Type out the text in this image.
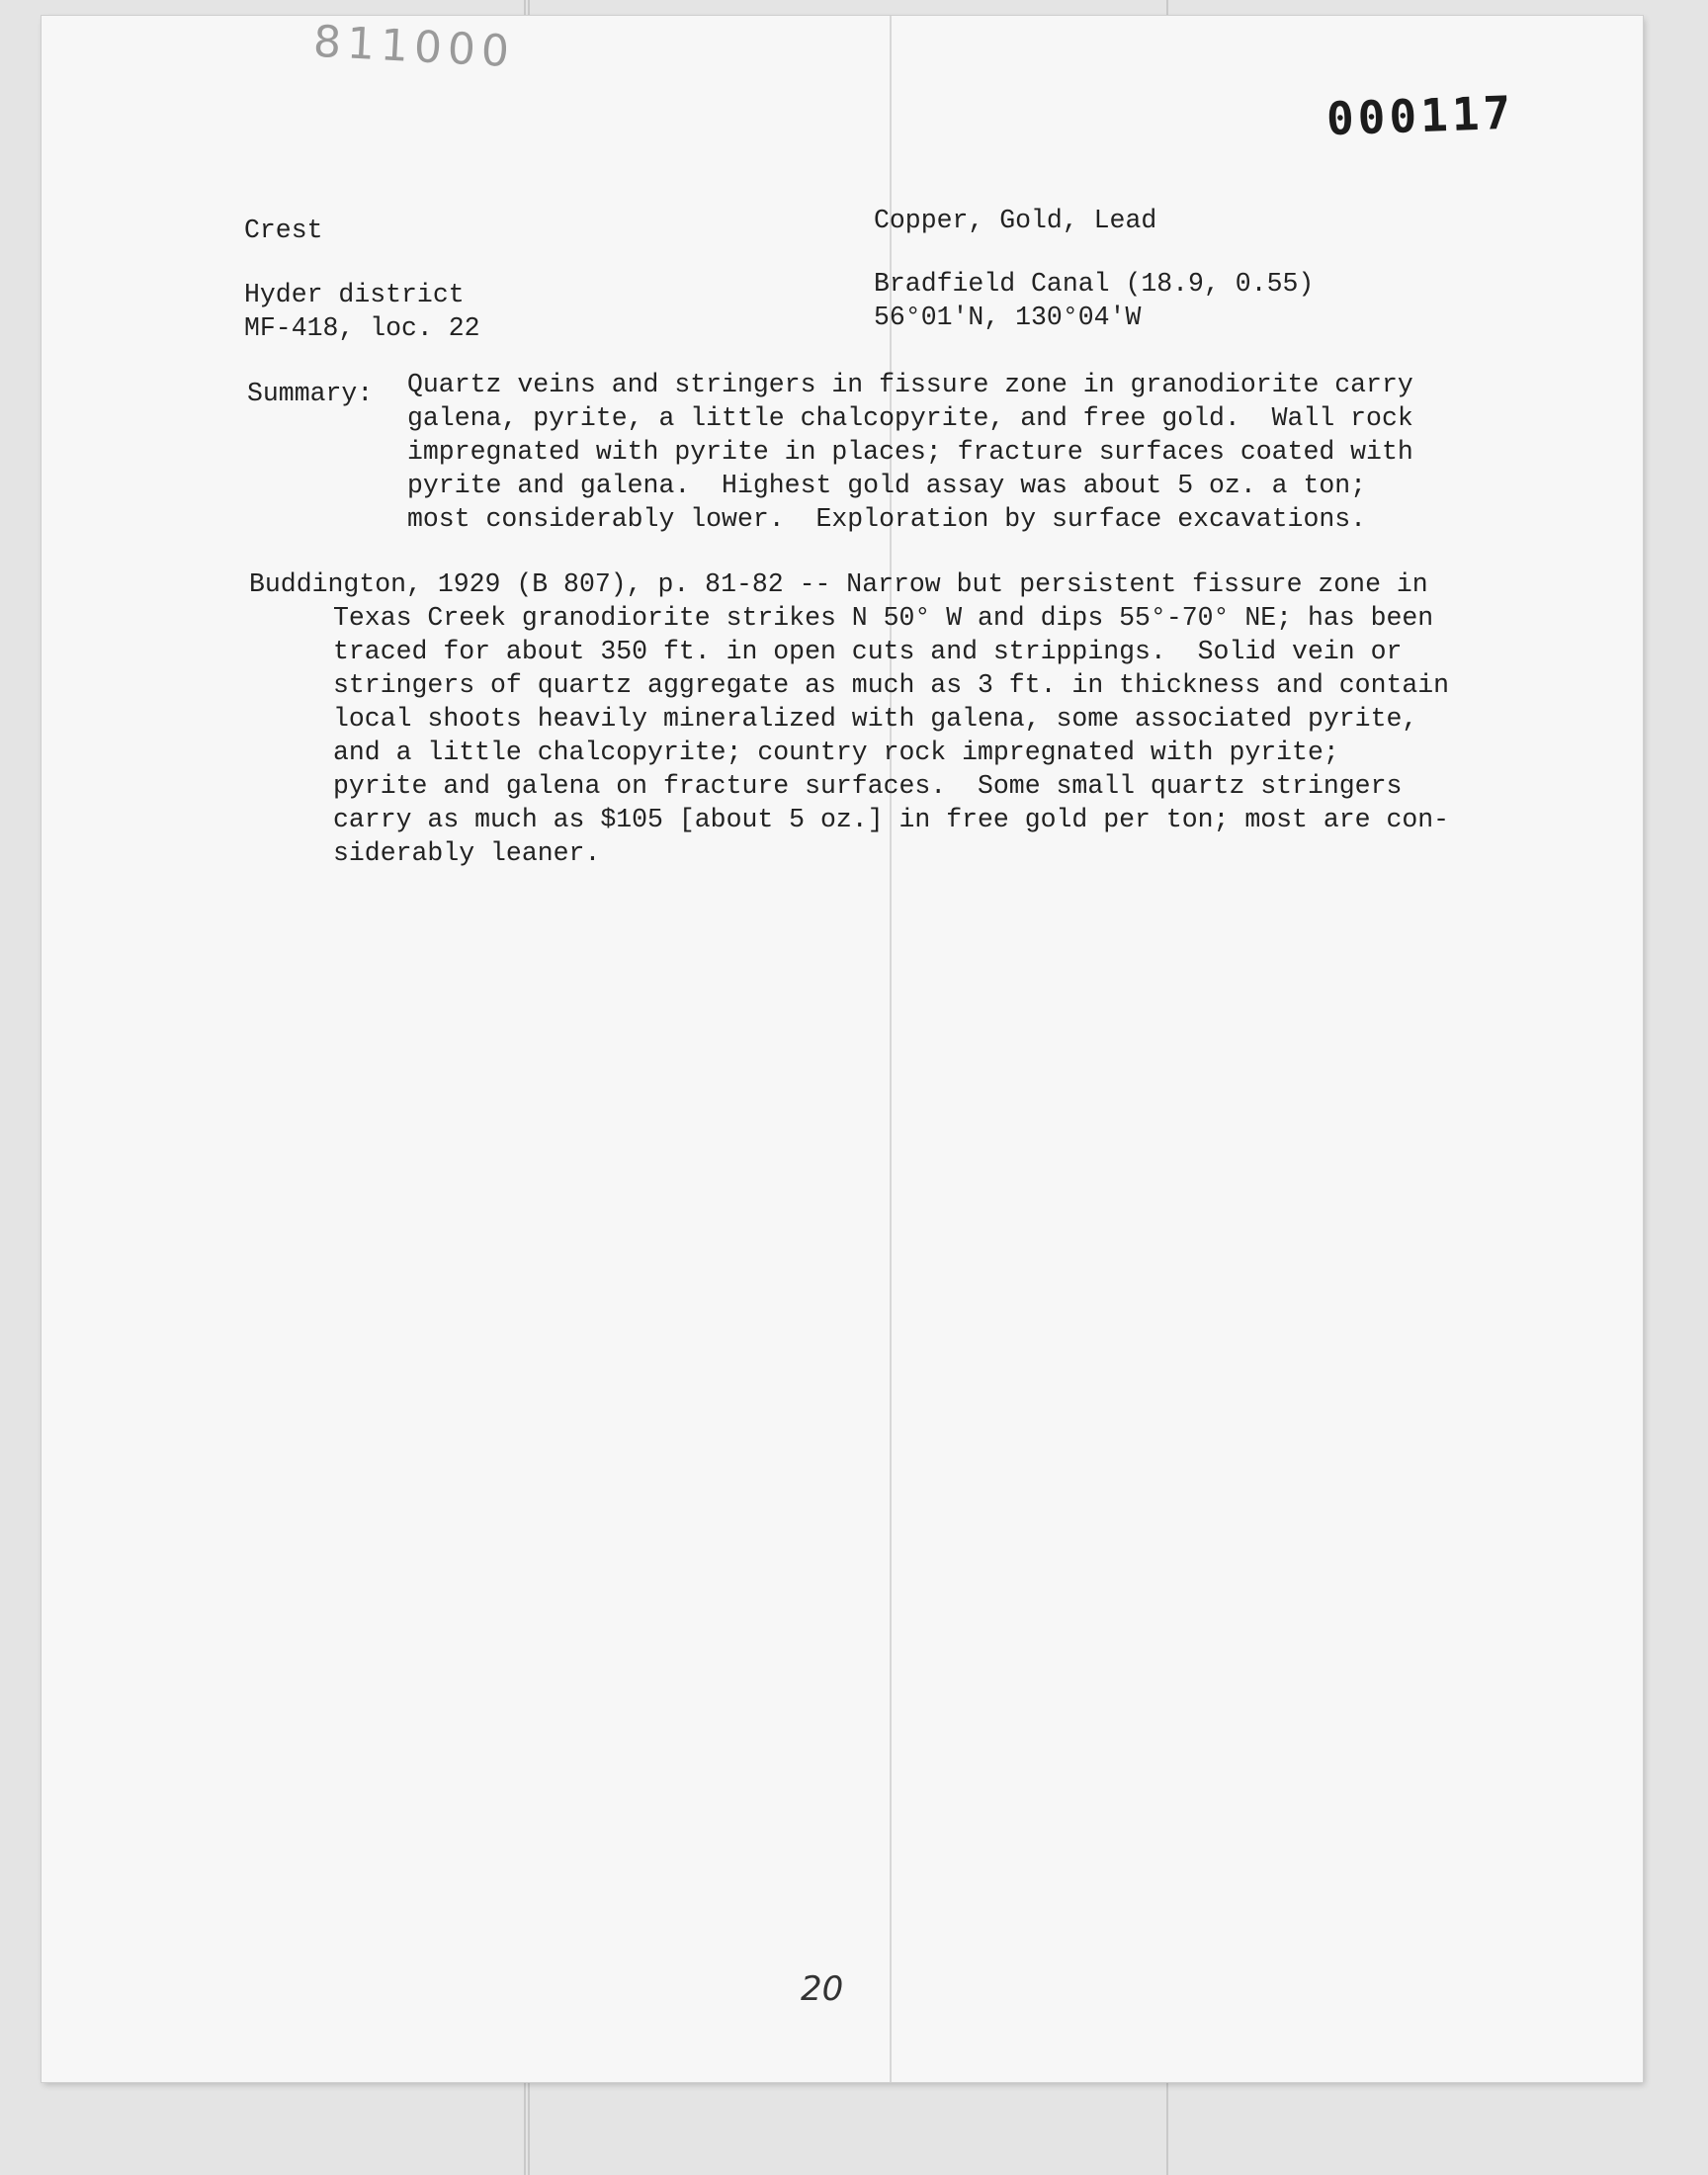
811000
000117
Crest
Hyder district
MF-418, loc. 22
Copper, Gold, Lead
Bradfield Canal (18.9, 0.55)
56°01'N, 130°04'W
Summary: Quartz veins and stringers in fissure zone in granodiorite carry
galena, pyrite, a little chalcopyrite, and free gold.  Wall rock
impregnated with pyrite in places; fracture surfaces coated with
pyrite and galena.  Highest gold assay was about 5 oz. a ton;
most considerably lower.  Exploration by surface excavations.
Buddington, 1929 (B 807), p. 81-82 -- Narrow but persistent fissure zone in
Texas Creek granodiorite strikes N 50° W and dips 55°-70° NE; has been
traced for about 350 ft. in open cuts and strippings.  Solid vein or
stringers of quartz aggregate as much as 3 ft. in thickness and contain
local shoots heavily mineralized with galena, some associated pyrite,
and a little chalcopyrite; country rock impregnated with pyrite;
pyrite and galena on fracture surfaces.  Some small quartz stringers
carry as much as $105 [about 5 oz.] in free gold per ton; most are con-
siderably leaner.
20
